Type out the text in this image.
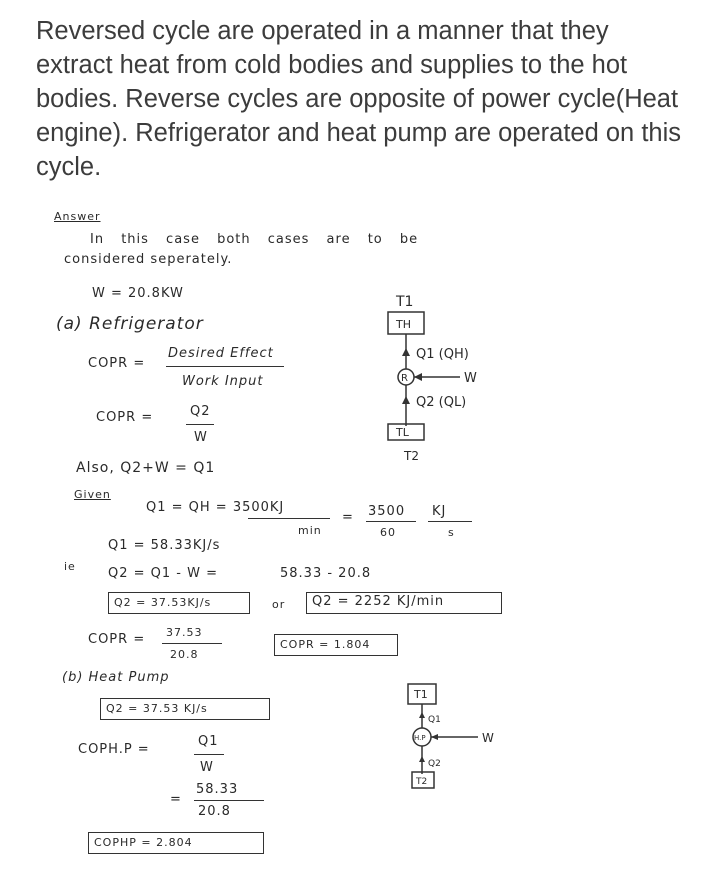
Reversed cycle are operated in a manner that they extract heat from cold bodies and supplies to the hot bodies. Reverse cycles are opposite of power cycle(Heat engine). Refrigerator and heat pump are operated on this cycle.

Answer
In this case both cases are to be
considered seperately.
W = 20.8KW
(a) Refrigerator
COPR =
Desired Effect
Work Input
COPR =	Q2
W
Also, Q2+W = Q1
Given
Q1 = QH = 3500KJ
min
= 3500
60
KJ
s
Q1 = 58.33KJ/s
ie Q2 = Q1 - W =	58.33 - 20.8
Q2 = 37.53KJ/s	or Q2 = 2252 KJ/min
COPR = 37.53
20.8
COPR = 1.804
(b) Heat Pump
Q2 = 37.53 KJ/s
COPH.P =
Q1
W
=
58.33
20.8
COPHP = 2.804
T1
TH
Q1 (QH)
R	W
Q2 (QL)
TL
T2
T1
Q1
H.P	W
Q2
T2
